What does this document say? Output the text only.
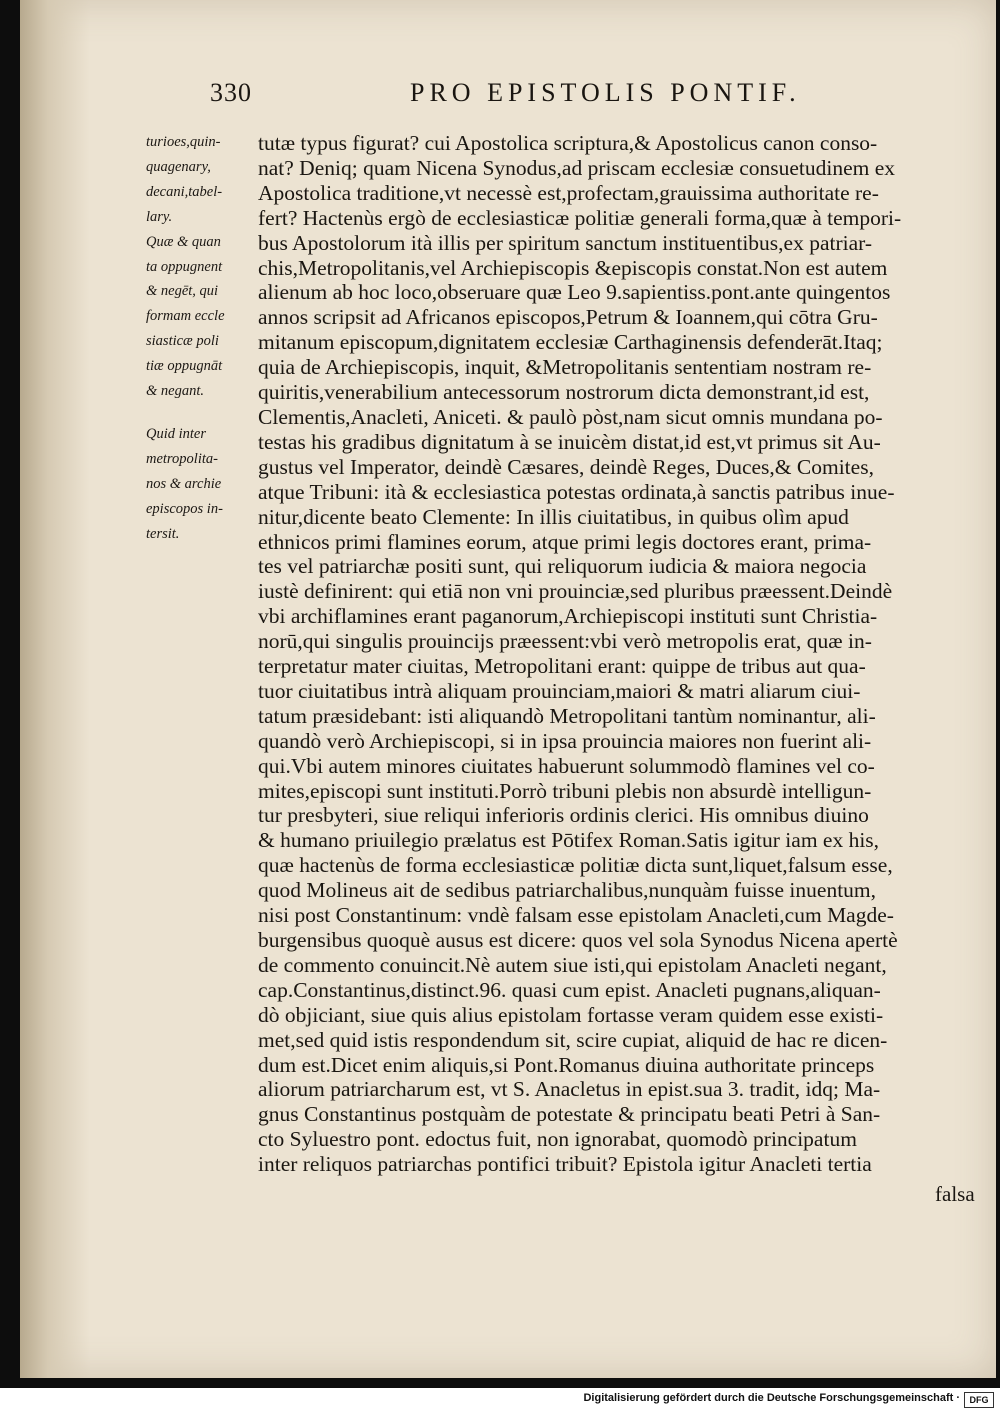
330	PRO EPISTOLIS PONTIF.
turioes,quin-
quagenary,
decani,tabel-
lary.
Quæ & quan
ta oppugnent
& negēt, qui
formam eccle
siasticæ poli
tiæ oppugnāt
& negant.
Quid inter
metropolita-
nos & archie
episcopos in-
tersit.
tutæ typus figurat? cui Apostolica scriptura,& Apostolicus canon conso-
nat? Deniq; quam Nicena Synodus,ad priscam ecclesiæ consuetudinem ex
Apostolica traditione,vt necessè est,profectam,grauissima authoritate re-
fert? Hactenùs ergò de ecclesiasticæ politiæ generali forma,quæ à tempori-
bus Apostolorum ità illis per spiritum sanctum instituentibus,ex patriar-
chis,Metropolitanis,vel Archiepiscopis &episcopis constat.Non est autem
alienum ab hoc loco,obseruare quæ Leo 9.sapientiss.pont.ante quingentos
annos scripsit ad Africanos episcopos,Petrum & Ioannem,qui cōtra Gru-
mitanum episcopum,dignitatem ecclesiæ Carthaginensis defenderāt.Itaq;
quia de Archiepiscopis, inquit, &Metropolitanis sententiam nostram re-
quiritis,venerabilium antecessorum nostrorum dicta demonstrant,id est,
Clementis,Anacleti, Aniceti. & paulò pòst,nam sicut omnis mundana po-
testas his gradibus dignitatum à se inuicèm distat,id est,vt primus sit Au-
gustus vel Imperator, deindè Cæsares, deindè Reges, Duces,& Comites,
atque Tribuni: ità & ecclesiastica potestas ordinata,à sanctis patribus inue-
nitur,dicente beato Clemente: In illis ciuitatibus, in quibus olìm apud
ethnicos primi flamines eorum, atque primi legis doctores erant, prima-
tes vel patriarchæ positi sunt, qui reliquorum iudicia & maiora negocia
iustè definirent: qui etiā non vni prouinciæ,sed pluribus præessent.Deindè
vbi archiflamines erant paganorum,Archiepiscopi instituti sunt Christia-
norū,qui singulis prouincijs præessent:vbi verò metropolis erat, quæ in-
terpretatur mater ciuitas, Metropolitani erant: quippe de tribus aut qua-
tuor ciuitatibus intrà aliquam prouinciam,maiori & matri aliarum ciui-
tatum præsidebant: isti aliquandò Metropolitani tantùm nominantur, ali-
quandò verò Archiepiscopi, si in ipsa prouincia maiores non fuerint ali-
qui.Vbi autem minores ciuitates habuerunt solummodò flamines vel co-
mites,episcopi sunt instituti.Porrò tribuni plebis non absurdè intelligun-
tur presbyteri, siue reliqui inferioris ordinis clerici. His omnibus diuino
& humano priuilegio prælatus est Pōtifex Roman.Satis igitur iam ex his,
quæ hactenùs de forma ecclesiasticæ politiæ dicta sunt,liquet,falsum esse,
quod Molineus ait de sedibus patriarchalibus,nunquàm fuisse inuentum,
nisi post Constantinum: vndè falsam esse epistolam Anacleti,cum Magde-
burgensibus quoquè ausus est dicere: quos vel sola Synodus Nicena apertè
de commento conuincit.Nè autem siue isti,qui epistolam Anacleti negant,
cap.Constantinus,distinct.96. quasi cum epist. Anacleti pugnans,aliquan-
dò objiciant, siue quis alius epistolam fortasse veram quidem esse existi-
met,sed quid istis respondendum sit, scire cupiat, aliquid de hac re dicen-
dum est.Dicet enim aliquis,si Pont.Romanus diuina authoritate princeps
aliorum patriarcharum est, vt S. Anacletus in epist.sua 3. tradit, idq; Ma-
gnus Constantinus postquàm de potestate & principatu beati Petri à San-
cto Syluestro pont. edoctus fuit, non ignorabat, quomodò principatum
inter reliquos patriarchas pontifici tribuit? Epistola igitur Anacleti tertia
falsa
Digitalisierung gefördert durch die Deutsche Forschungsgemeinschaft ·	DFG
